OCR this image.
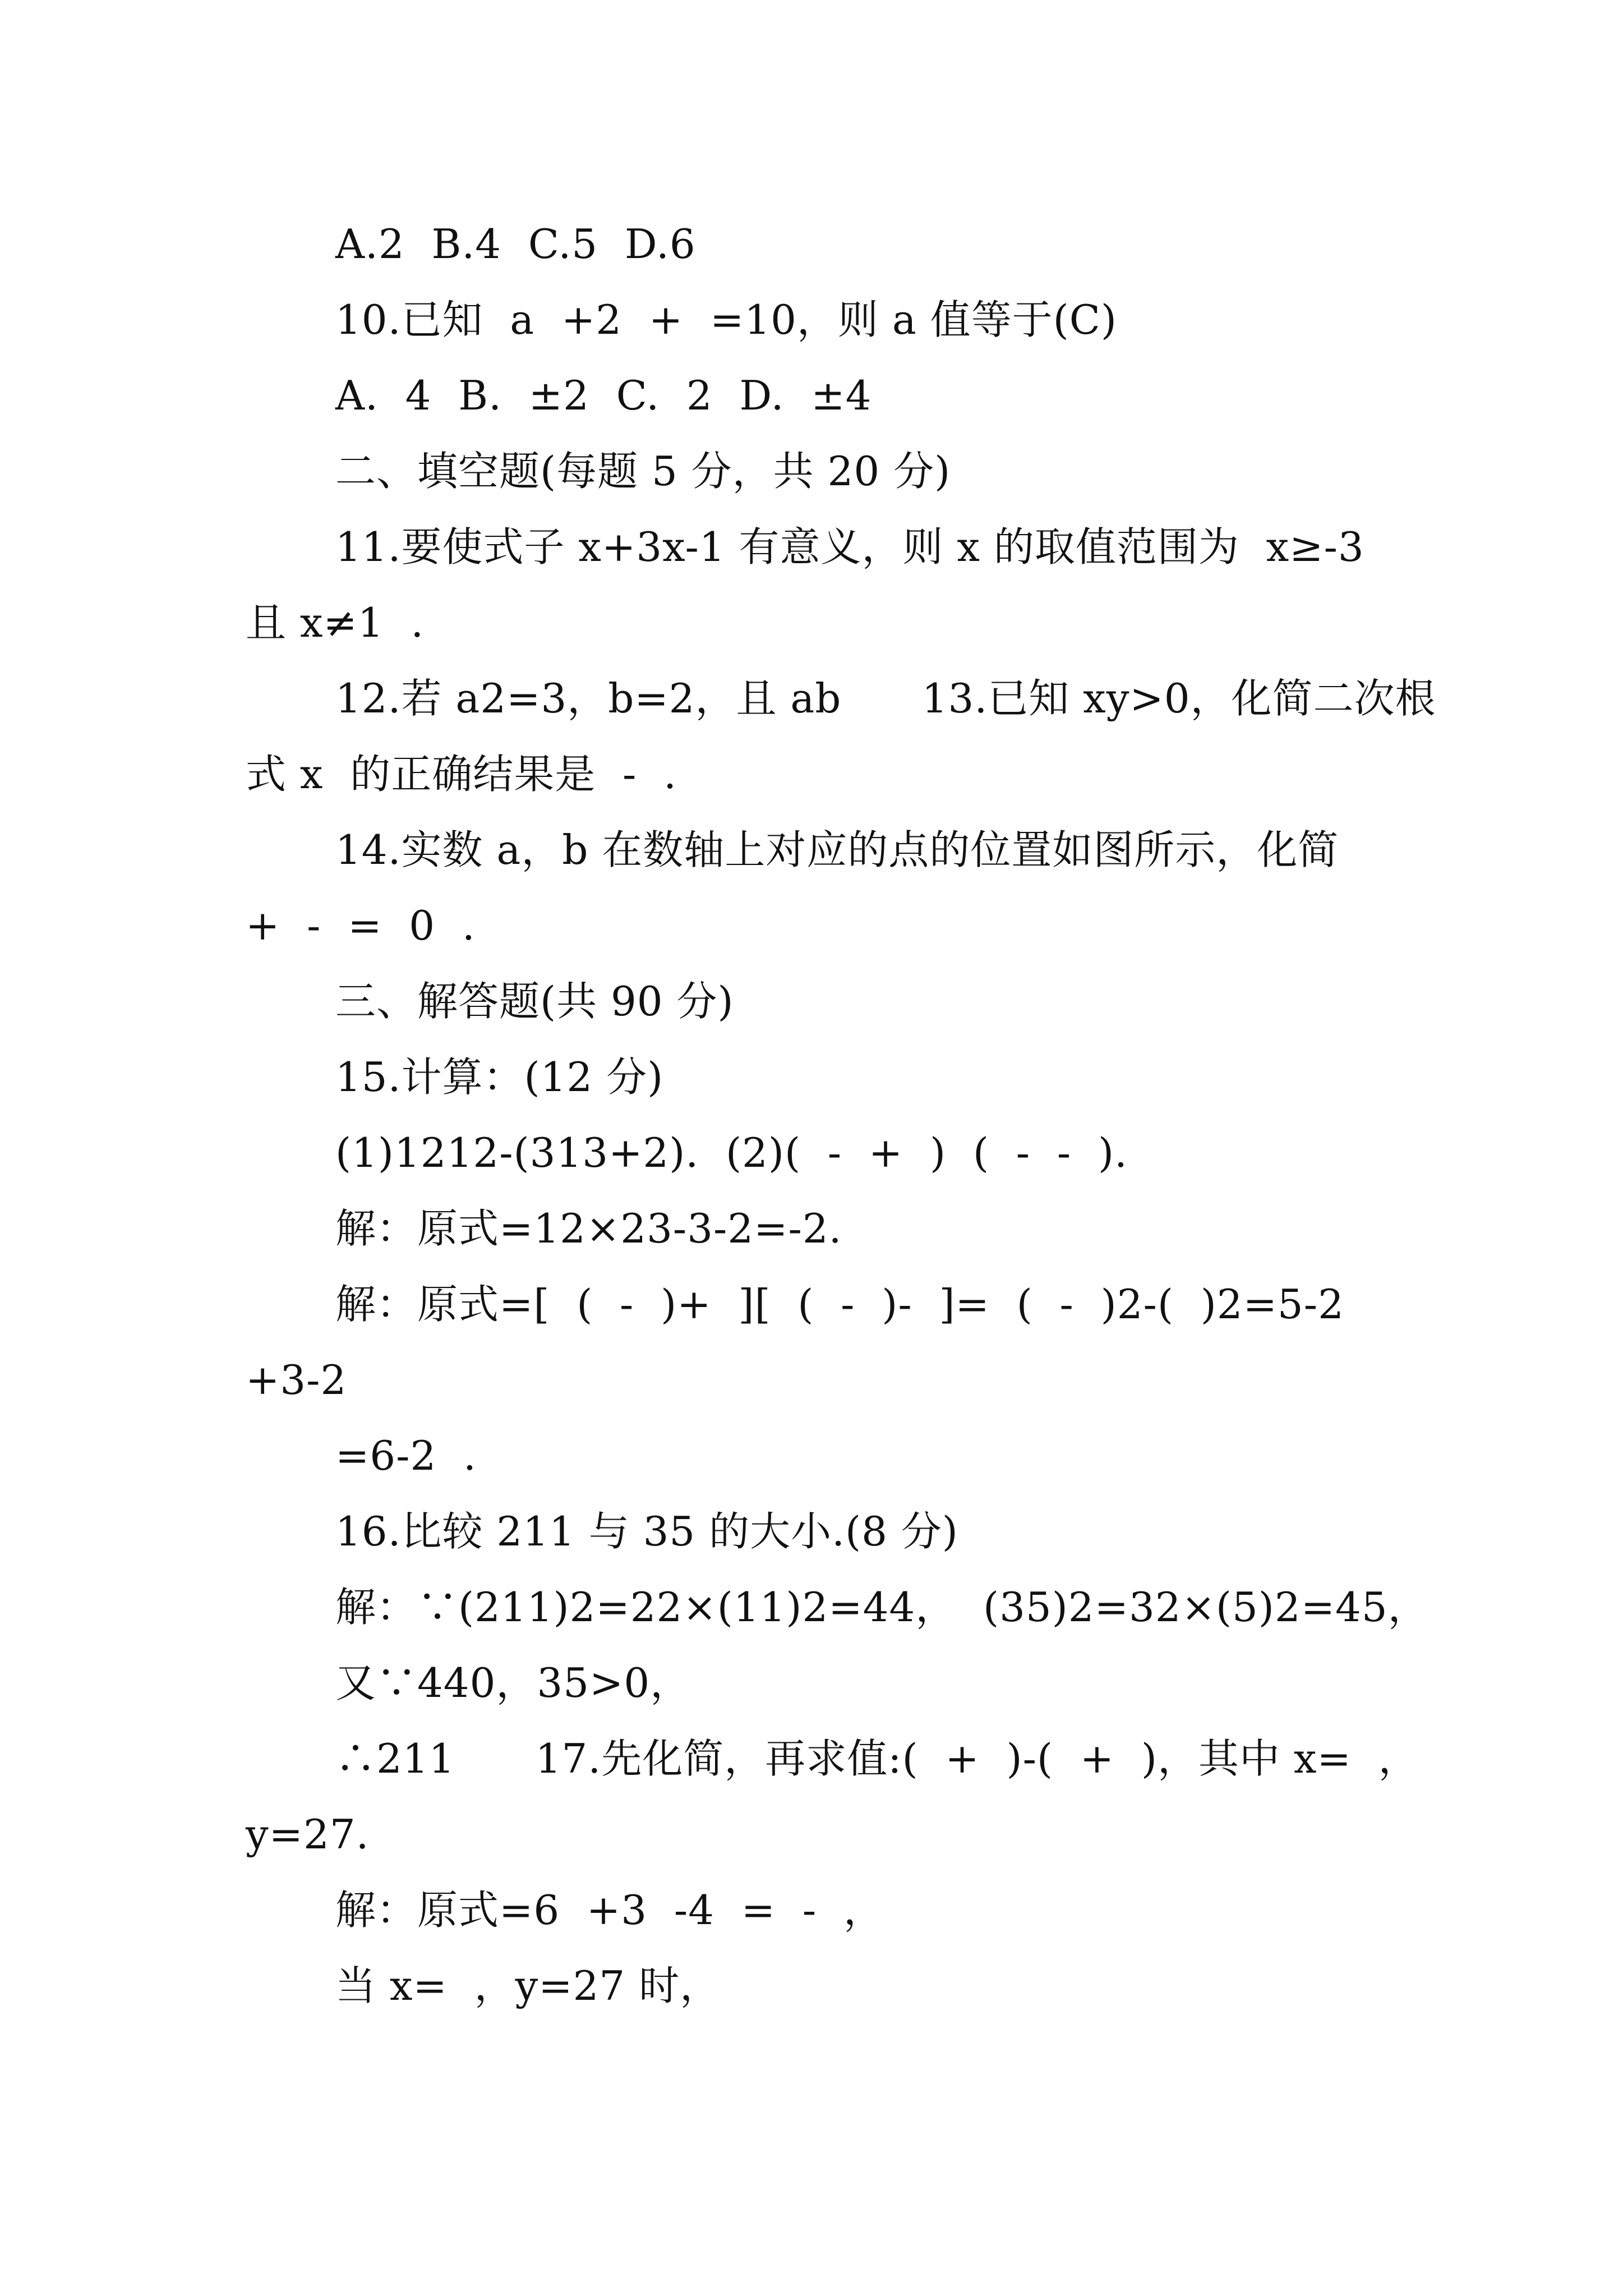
A.2  B.4  C.5  D.6
10.已知  a  +2  +  =10，则 a 值等于(C)
A.  4  B.  ±2  C.  2  D.  ±4
二、填空题(每题 5 分，共 20 分)
11.要使式子 x+3x-1 有意义，则 x 的取值范围为  x≥-3
且 x≠1  .
12.若 a2=3，b=2，且 ab      13.已知 xy>0，化简二次根
式 x  的正确结果是  -  .
14.实数 a，b 在数轴上对应的点的位置如图所示，化简
+  -  =  0  .
三、解答题(共 90 分)
15.计算：(12 分)
(1)1212-(313+2).  (2)(  -  +  )  (  -  -  ).
解：原式=12×23-3-2=-2.
解：原式=[  (  -  )+  ][  (  -  )-  ]=  (  -  )2-(  )2=5-2
+3-2
=6-2  .
16.比较 211 与 35 的大小.(8 分)
解：∵(211)2=22×(11)2=44，  (35)2=32×(5)2=45，
又∵440，35>0，
∴211      17.先化简，再求值:(  +  )-(  +  )，其中 x=  ，
y=27.
解：原式=6  +3  -4  =  -  ，
当 x=  ，y=27 时，
